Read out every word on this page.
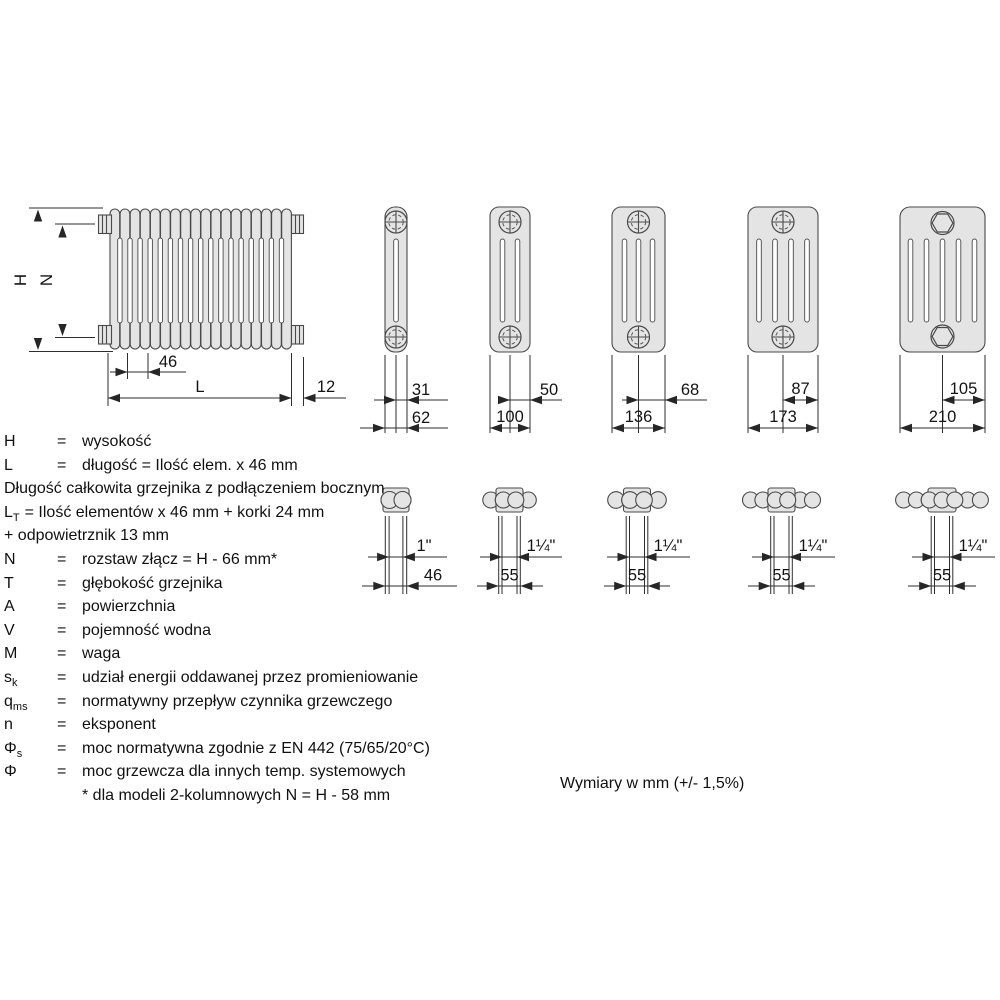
H N
46
L	12	31
62
50
100
68
136
87
173
105
210
1"
46
1¼"
55
1¼"
55
1¼"
55
1¼"
55
H	= wysokość
L	= długość = Ilość elem. x 46 mm
Długość całkowita grzejnika z podłączeniem bocznym
$L_T$ = Ilość elementów x 46 mm + korki 24 mm
+ odpowietrznik 13 mm
N	= rozstaw złącz = H - 66 mm*
T	= głębokość grzejnika
A	= powierzchnia
V	= pojemność wodna
M = waga
$s_k$ = udział energii oddawanej przez promieniowanie
$q_{ms}$ = normatywny przepływ czynnika grzewczego
n	= eksponent
$\Phi_s$ = moc normatywna zgodnie z EN 442 (75/65/20°C)
Φ	= moc grzewcza dla innych temp. systemowych
* dla modeli 2-kolumnowych N = H - 58 mm
Wymiary w mm (+/- 1,5%)
